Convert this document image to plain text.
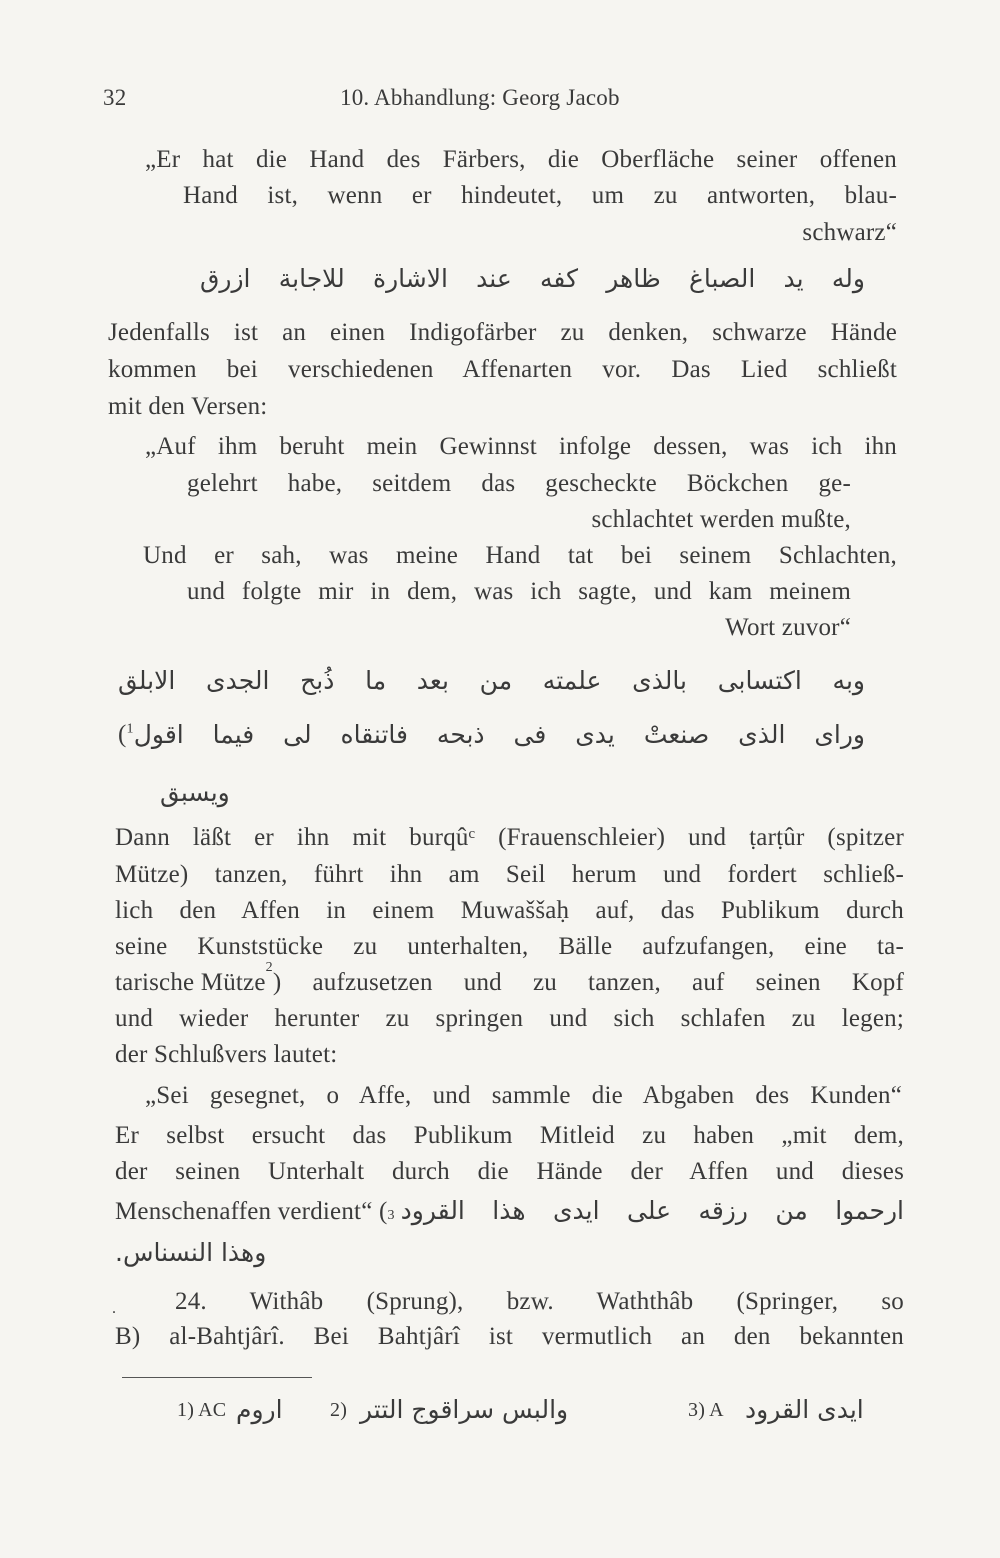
32	10. Abhandlung: Georg Jacob
„Er hat die Hand des Färbers, die Oberfläche seiner offenen
Hand ist, wenn er hindeutet, um zu antworten, blau-
schwarz“
وله يد الصباغ ظاهر كفه عند الاشارة للاجابة ازرق
Jedenfalls ist an einen Indigofärber zu denken, schwarze Hände
kommen bei verschiedenen Affenarten vor. Das Lied schließt
mit den Versen:
„Auf ihm beruht mein Gewinnst infolge dessen, was ich ihn
gelehrt habe, seitdem das gescheckte Böckchen ge-
schlachtet werden mußte,
Und er sah, was meine Hand tat bei seinem Schlachten,
und folgte mir in dem, was ich sagte, und kam meinem
Wort zuvor“
وبه اكتسابى بالذى علمته من بعد ما ذُبح الجدى الابلق
($^1$ وراى الذى صنعتْ يدى فى ذبحه فاتنقاه لى فيما اقول
ويسبق
Dann läßt er ihn mit burqûᶜ (Frauenschleier) und ṭarṭûr (spitzer
Mütze) tanzen, führt ihn am Seil herum und fordert schließ-
lich den Affen in einem Muwaššaḥ auf, das Publikum durch
seine Kunststücke zu unterhalten, Bälle aufzufangen, eine ta-
tarische Mütze
2
) aufzusetzen und zu tanzen, auf seinen Kopf
und wieder herunter zu springen und sich schlafen zu legen;
der Schlußvers lautet:
„Sei gesegnet, o Affe, und sammle die Abgaben des Kunden“
Er selbst ersucht das Publikum Mitleid zu haben „mit dem,
der seinen Unterhalt durch die Hände der Affen und dieses
Menschenaffen verdient“ ( 3 ارحموا من رزقه على ايدى هذا القرود
وهذا النسناس.
. 24. Withâb (Sprung), bzw. Waththâb (Springer, so
B) al-Bahtjârî. Bei Bahtjârî ist vermutlich an den bekannten
1) AC اروم 2) والبس سراقوج التتر	3) A ايدى القرود
